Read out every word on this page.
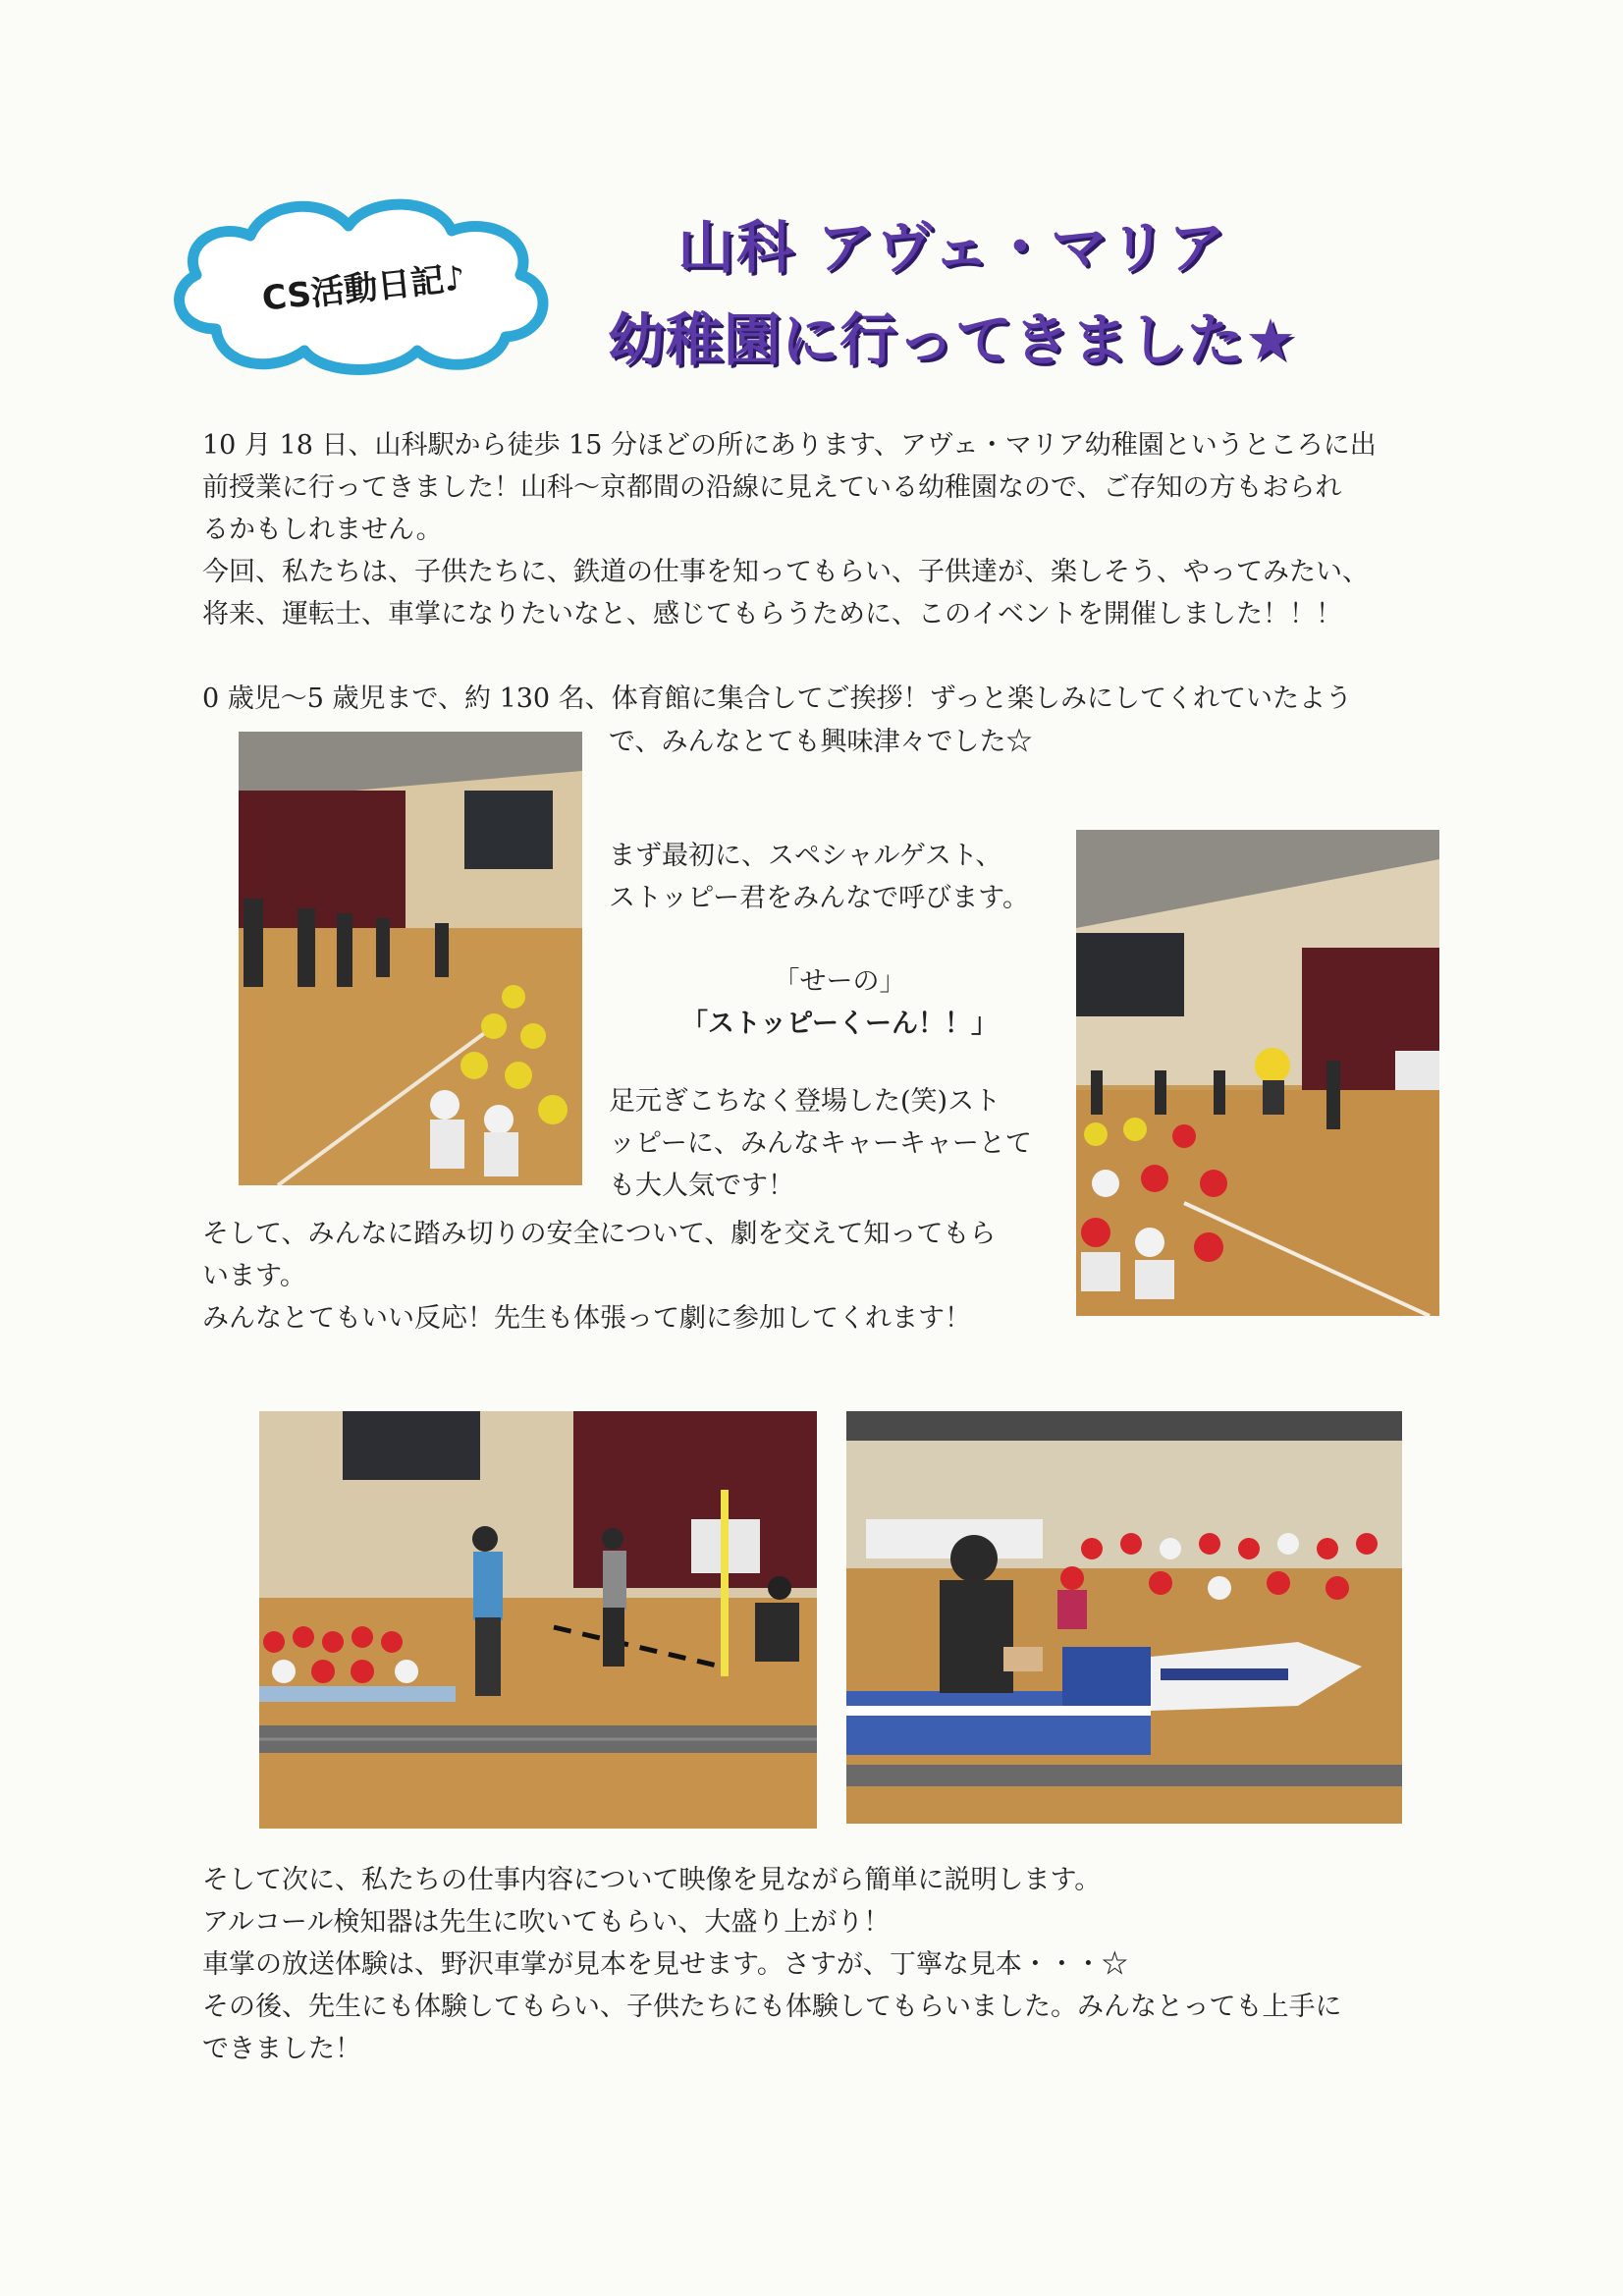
CS活動日記♪
山科 アヴェ・マリア
幼稚園に行ってきました★
10 月 18 日、山科駅から徒歩 15 分ほどの所にあります、アヴェ・マリア幼稚園というところに出
前授業に行ってきました！山科～京都間の沿線に見えている幼稚園なので、ご存知の方もおられ
るかもしれません。
今回、私たちは、子供たちに、鉄道の仕事を知ってもらい、子供達が、楽しそう、やってみたい、
将来、運転士、車掌になりたいなと、感じてもらうために、このイベントを開催しました！！！
0 歳児～5 歳児まで、約 130 名、体育館に集合してご挨拶！ずっと楽しみにしてくれていたよう
で、みんなとても興味津々でした☆
まず最初に、スペシャルゲスト、
ストッピー君をみんなで呼びます。
「せーの」
「ストッピーくーん！！」
足元ぎこちなく登場した(笑)スト
ッピーに、みんなキャーキャーとて
も大人気です！
そして、みんなに踏み切りの安全について、劇を交えて知ってもら
います。
みんなとてもいい反応！先生も体張って劇に参加してくれます！
そして次に、私たちの仕事内容について映像を見ながら簡単に説明します。
アルコール検知器は先生に吹いてもらい、大盛り上がり！
車掌の放送体験は、野沢車掌が見本を見せます。さすが、丁寧な見本・・・☆
その後、先生にも体験してもらい、子供たちにも体験してもらいました。みんなとっても上手に
できました！
